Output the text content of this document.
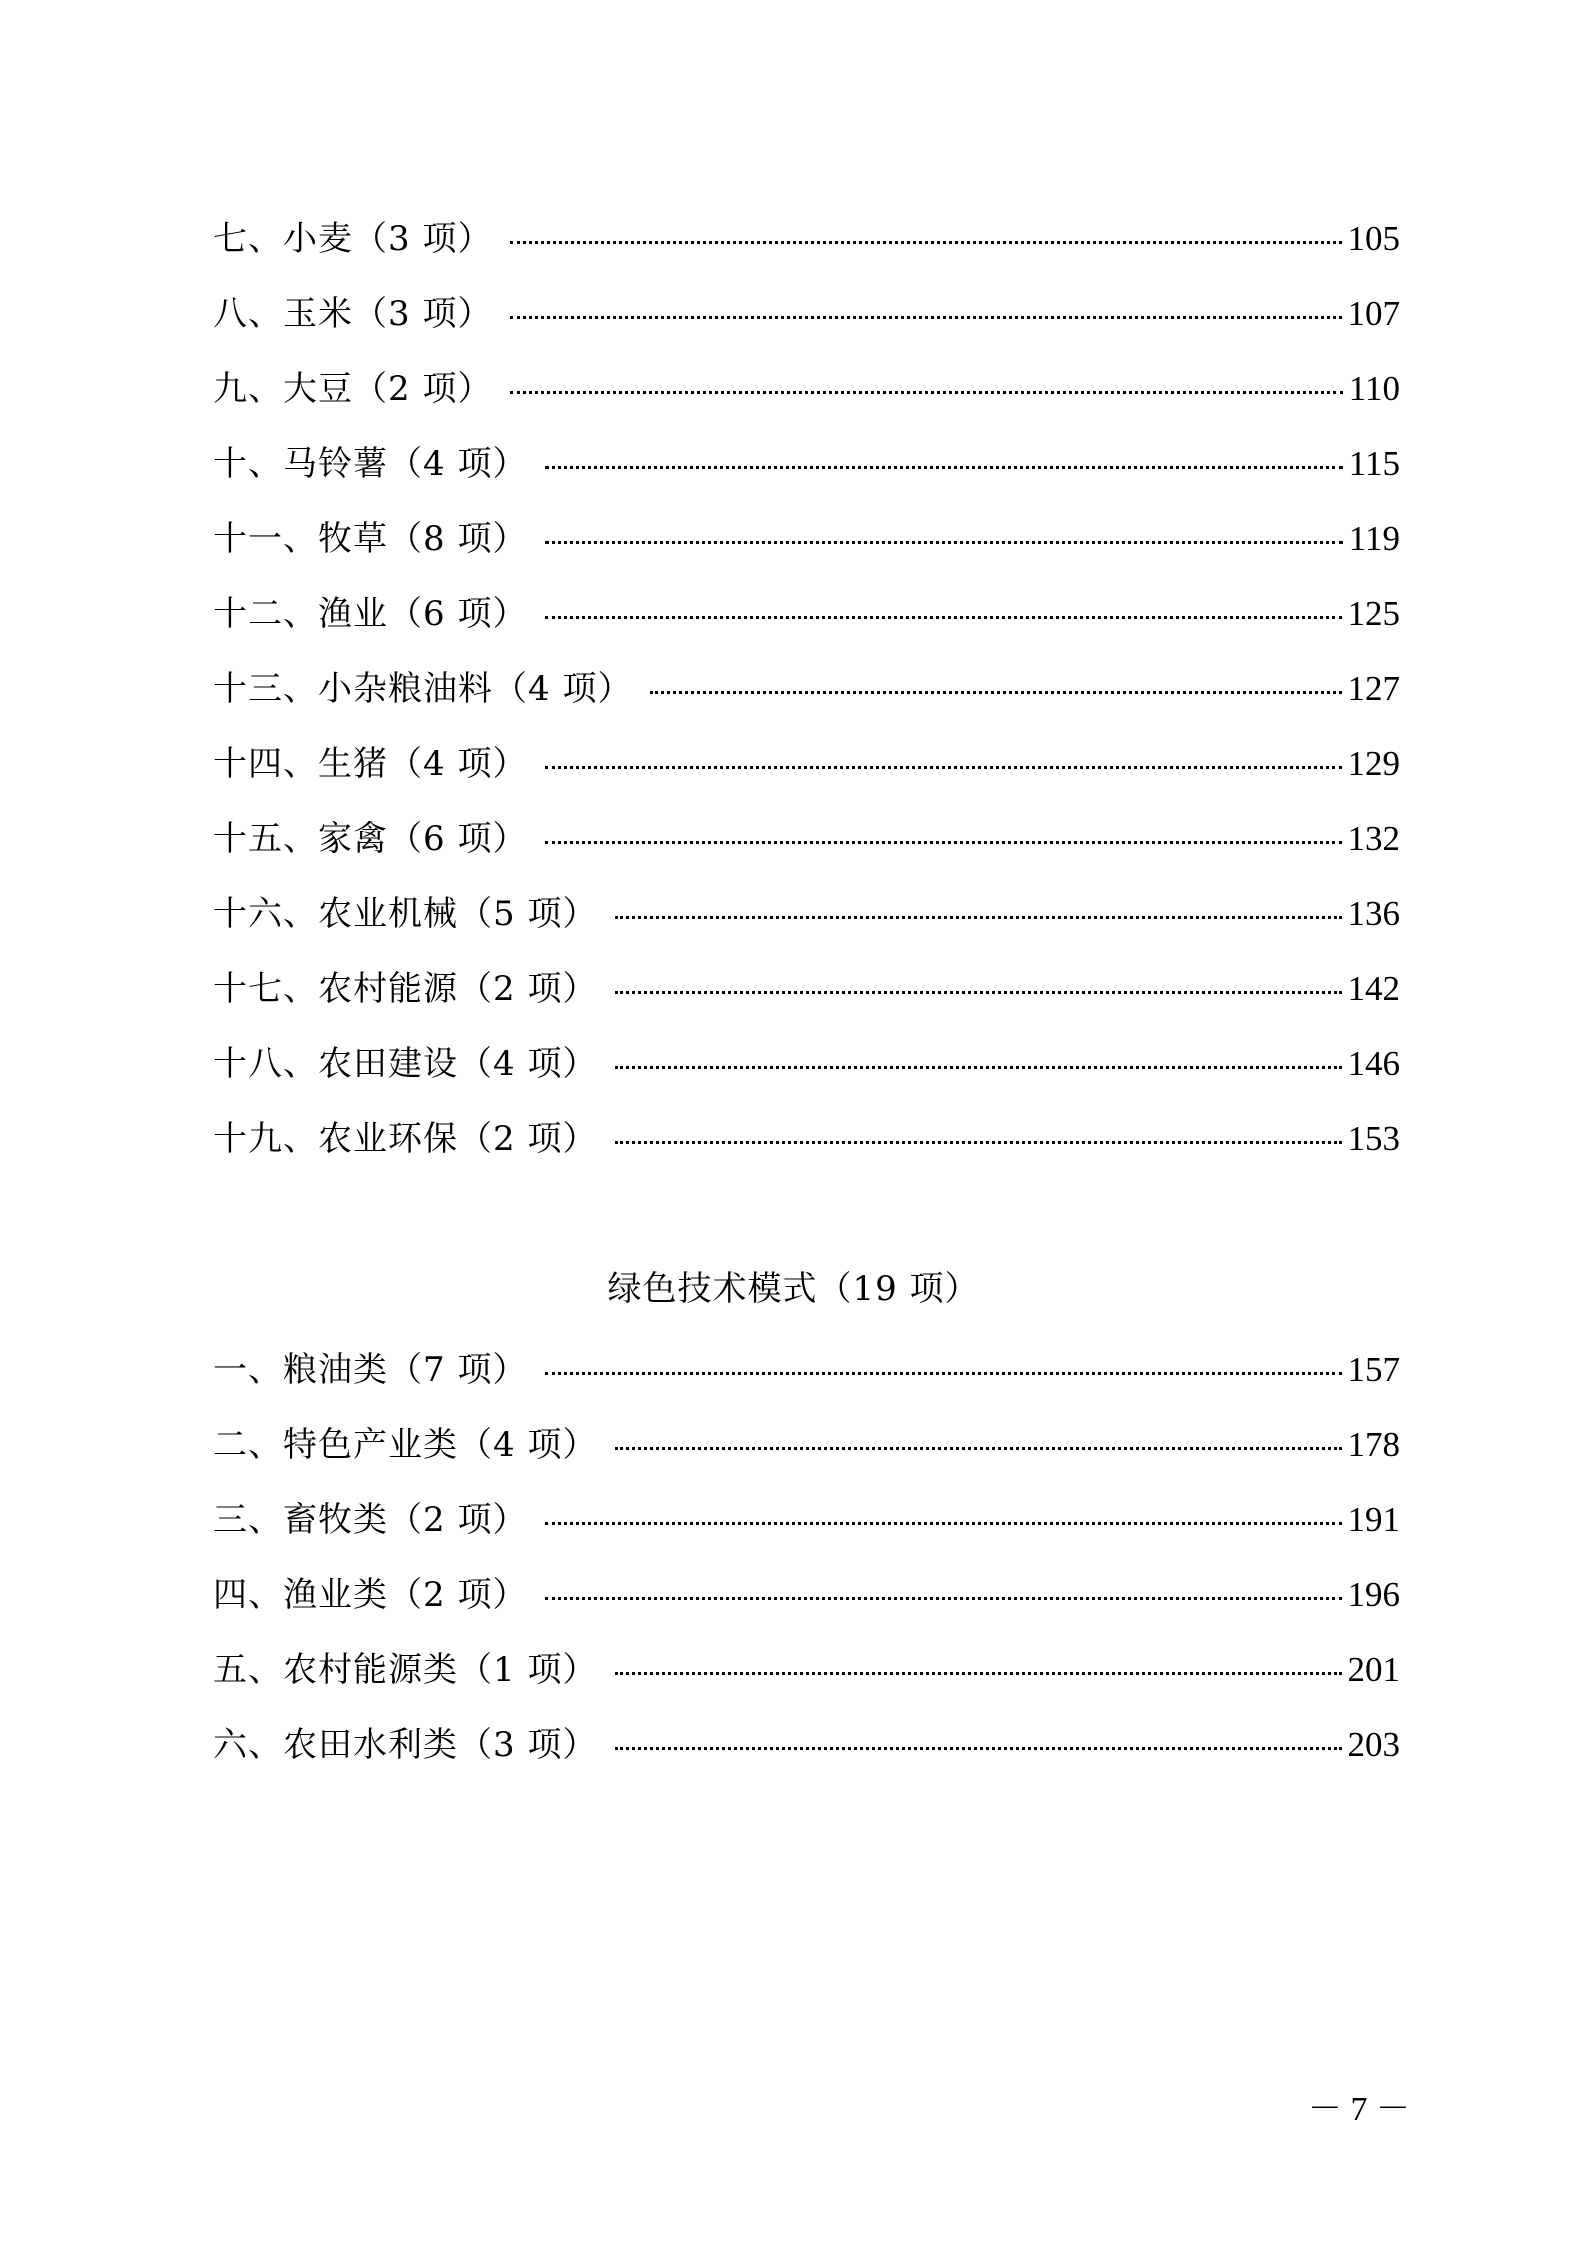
七、小麦（3 项）	105
八、玉米（3 项）	107
九、大豆（2 项）	110
十、马铃薯（4 项）	115
十一、牧草（8 项）	119
十二、渔业（6 项）	125
十三、小杂粮油料（4 项）	127
十四、生猪（4 项）	129
十五、家禽（6 项）	132
十六、农业机械（5 项）	136
十七、农村能源（2 项）	142
十八、农田建设（4 项）	146
十九、农业环保（2 项）	153
绿色技术模式（19 项）
一、粮油类（7 项）	157
二、特色产业类（4 项）	178
三、畜牧类（2 项）	191
四、渔业类（2 项）	196
五、农村能源类（1 项）	201
六、农田水利类（3 项）	203
－ 7 －
